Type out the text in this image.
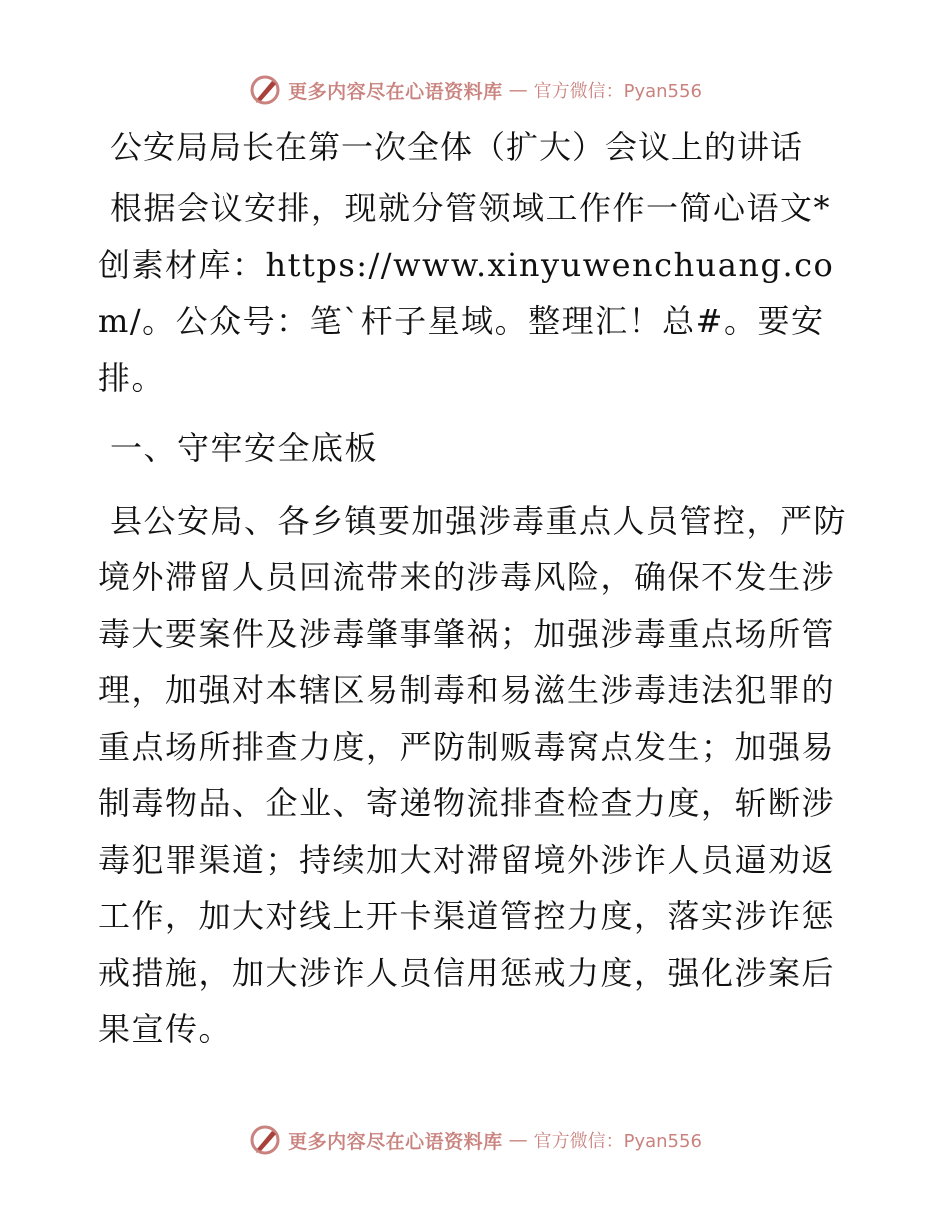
更多内容尽在心语资料库 — 官方微信：Pyan556
公安局局长在第一次全体（扩大）会议上的讲话

根据会议安排，现就分管领域工作作一简心语文*创素材库：https://www.xinyuwenchuang.com/。公众号：笔`杆子星域。整理汇！总#。要安排。

一、守牢安全底板

县公安局、各乡镇要加强涉毒重点人员管控，严防境外滞留人员回流带来的涉毒风险，确保不发生涉毒大要案件及涉毒肇事肇祸；加强涉毒重点场所管理，加强对本辖区易制毒和易滋生涉毒违法犯罪的重点场所排查力度，严防制贩毒窝点发生；加强易制毒物品、企业、寄递物流排查检查力度，斩断涉毒犯罪渠道；持续加大对滞留境外涉诈人员逼劝返工作，加大对线上开卡渠道管控力度，落实涉诈惩戒措施，加大涉诈人员信用惩戒力度，强化涉案后果宣传。

更多内容尽在心语资料库 — 官方微信：Pyan556
